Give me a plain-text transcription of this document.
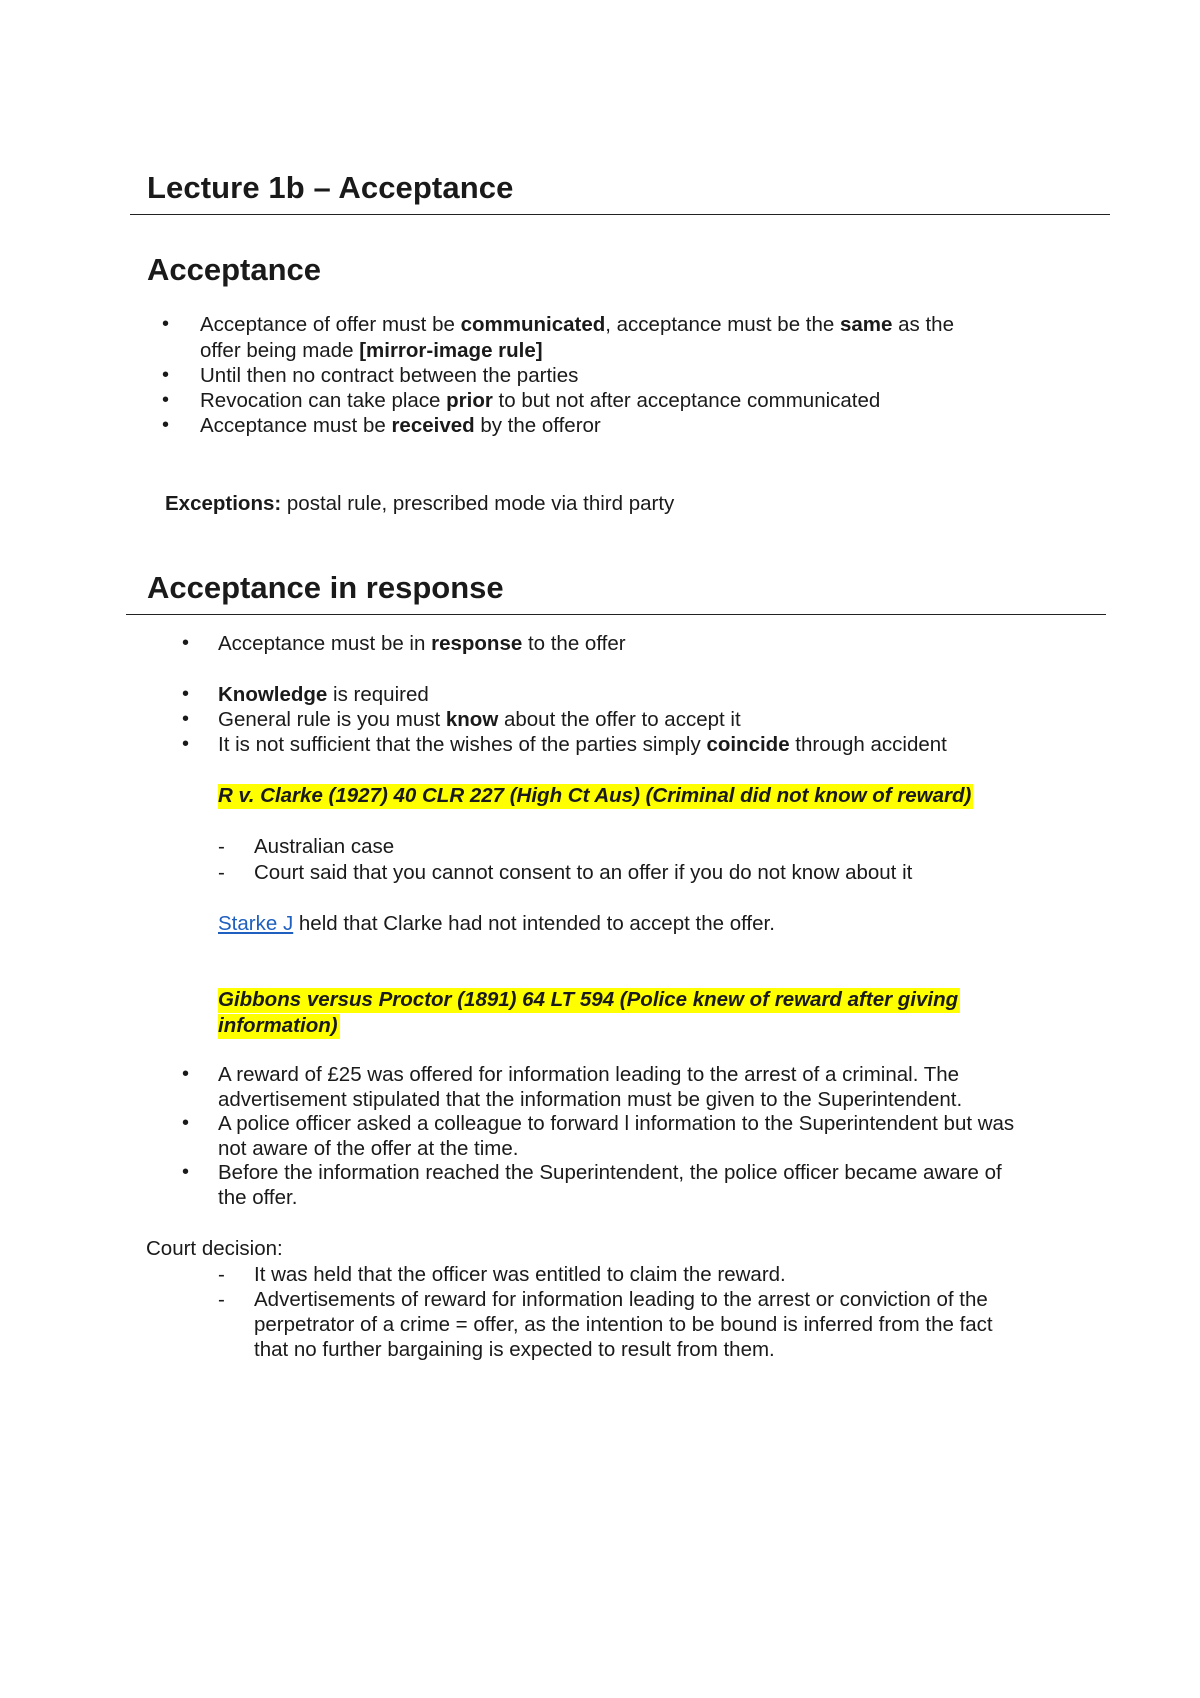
Lecture 1b – Acceptance
Acceptance
• Acceptance of offer must be communicated, acceptance must be the same as the
offer being made [mirror-image rule]
• Until then no contract between the parties
• Revocation can take place prior to but not after acceptance communicated
• Acceptance must be received by the offeror
Exceptions: postal rule, prescribed mode via third party
Acceptance in response
• Acceptance must be in response to the offer
• Knowledge is required
• General rule is you must know about the offer to accept it
• It is not sufficient that the wishes of the parties simply coincide through accident
R v. Clarke (1927) 40 CLR 227 (High Ct Aus) (Criminal did not know of reward)
- Australian case
- Court said that you cannot consent to an offer if you do not know about it
Starke J held that Clarke had not intended to accept the offer.
Gibbons versus Proctor (1891) 64 LT 594 (Police knew of reward after giving
information)
• A reward of £25 was offered for information leading to the arrest of a criminal. The
advertisement stipulated that the information must be given to the Superintendent.
• A police officer asked a colleague to forward l information to the Superintendent but was
not aware of the offer at the time.
• Before the information reached the Superintendent, the police officer became aware of
the offer.
Court decision:
- It was held that the officer was entitled to claim the reward.
- Advertisements of reward for information leading to the arrest or conviction of the
perpetrator of a crime = offer, as the intention to be bound is inferred from the fact
that no further bargaining is expected to result from them.
